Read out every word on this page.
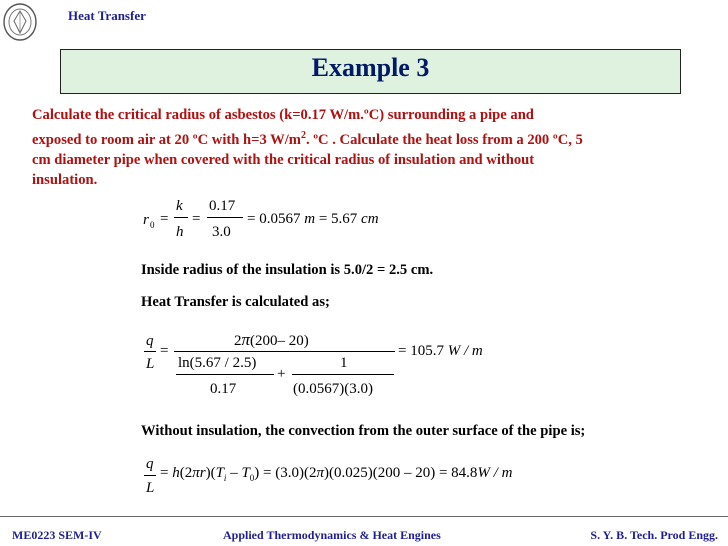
Heat Transfer
Example 3
Calculate the critical radius of asbestos (k=0.17 W/m.ºC) surrounding a pipe and
exposed to room air at 20 ºC with h=3 $W/m^2$. ºC . Calculate the heat loss from a 200 ºC, 5
cm diameter pipe when covered with the critical radius of insulation and without
insulation.
r 0 =
k
h
=
0.17
3.0
= 0.0567 m = 5.67 cm
Inside radius of the insulation is 5.0/2 = 2.5 cm.
Heat Transfer is calculated as;
q
L
=
2π(200– 20)
ln(5.67 / 2.5)
0.17
+
1
(0.0567)(3.0)
= 105.7 W / m
Without insulation, the convection from the outer surface of the pipe is;
q
L
= $h(2\pi r)(T_i - T_0) = (3.0)(2\pi)(0.025)(200 - 20) = 84.8W / m$
ME0223 SEM-IV	Applied Thermodynamics & Heat Engines	S. Y. B. Tech. Prod Engg.
